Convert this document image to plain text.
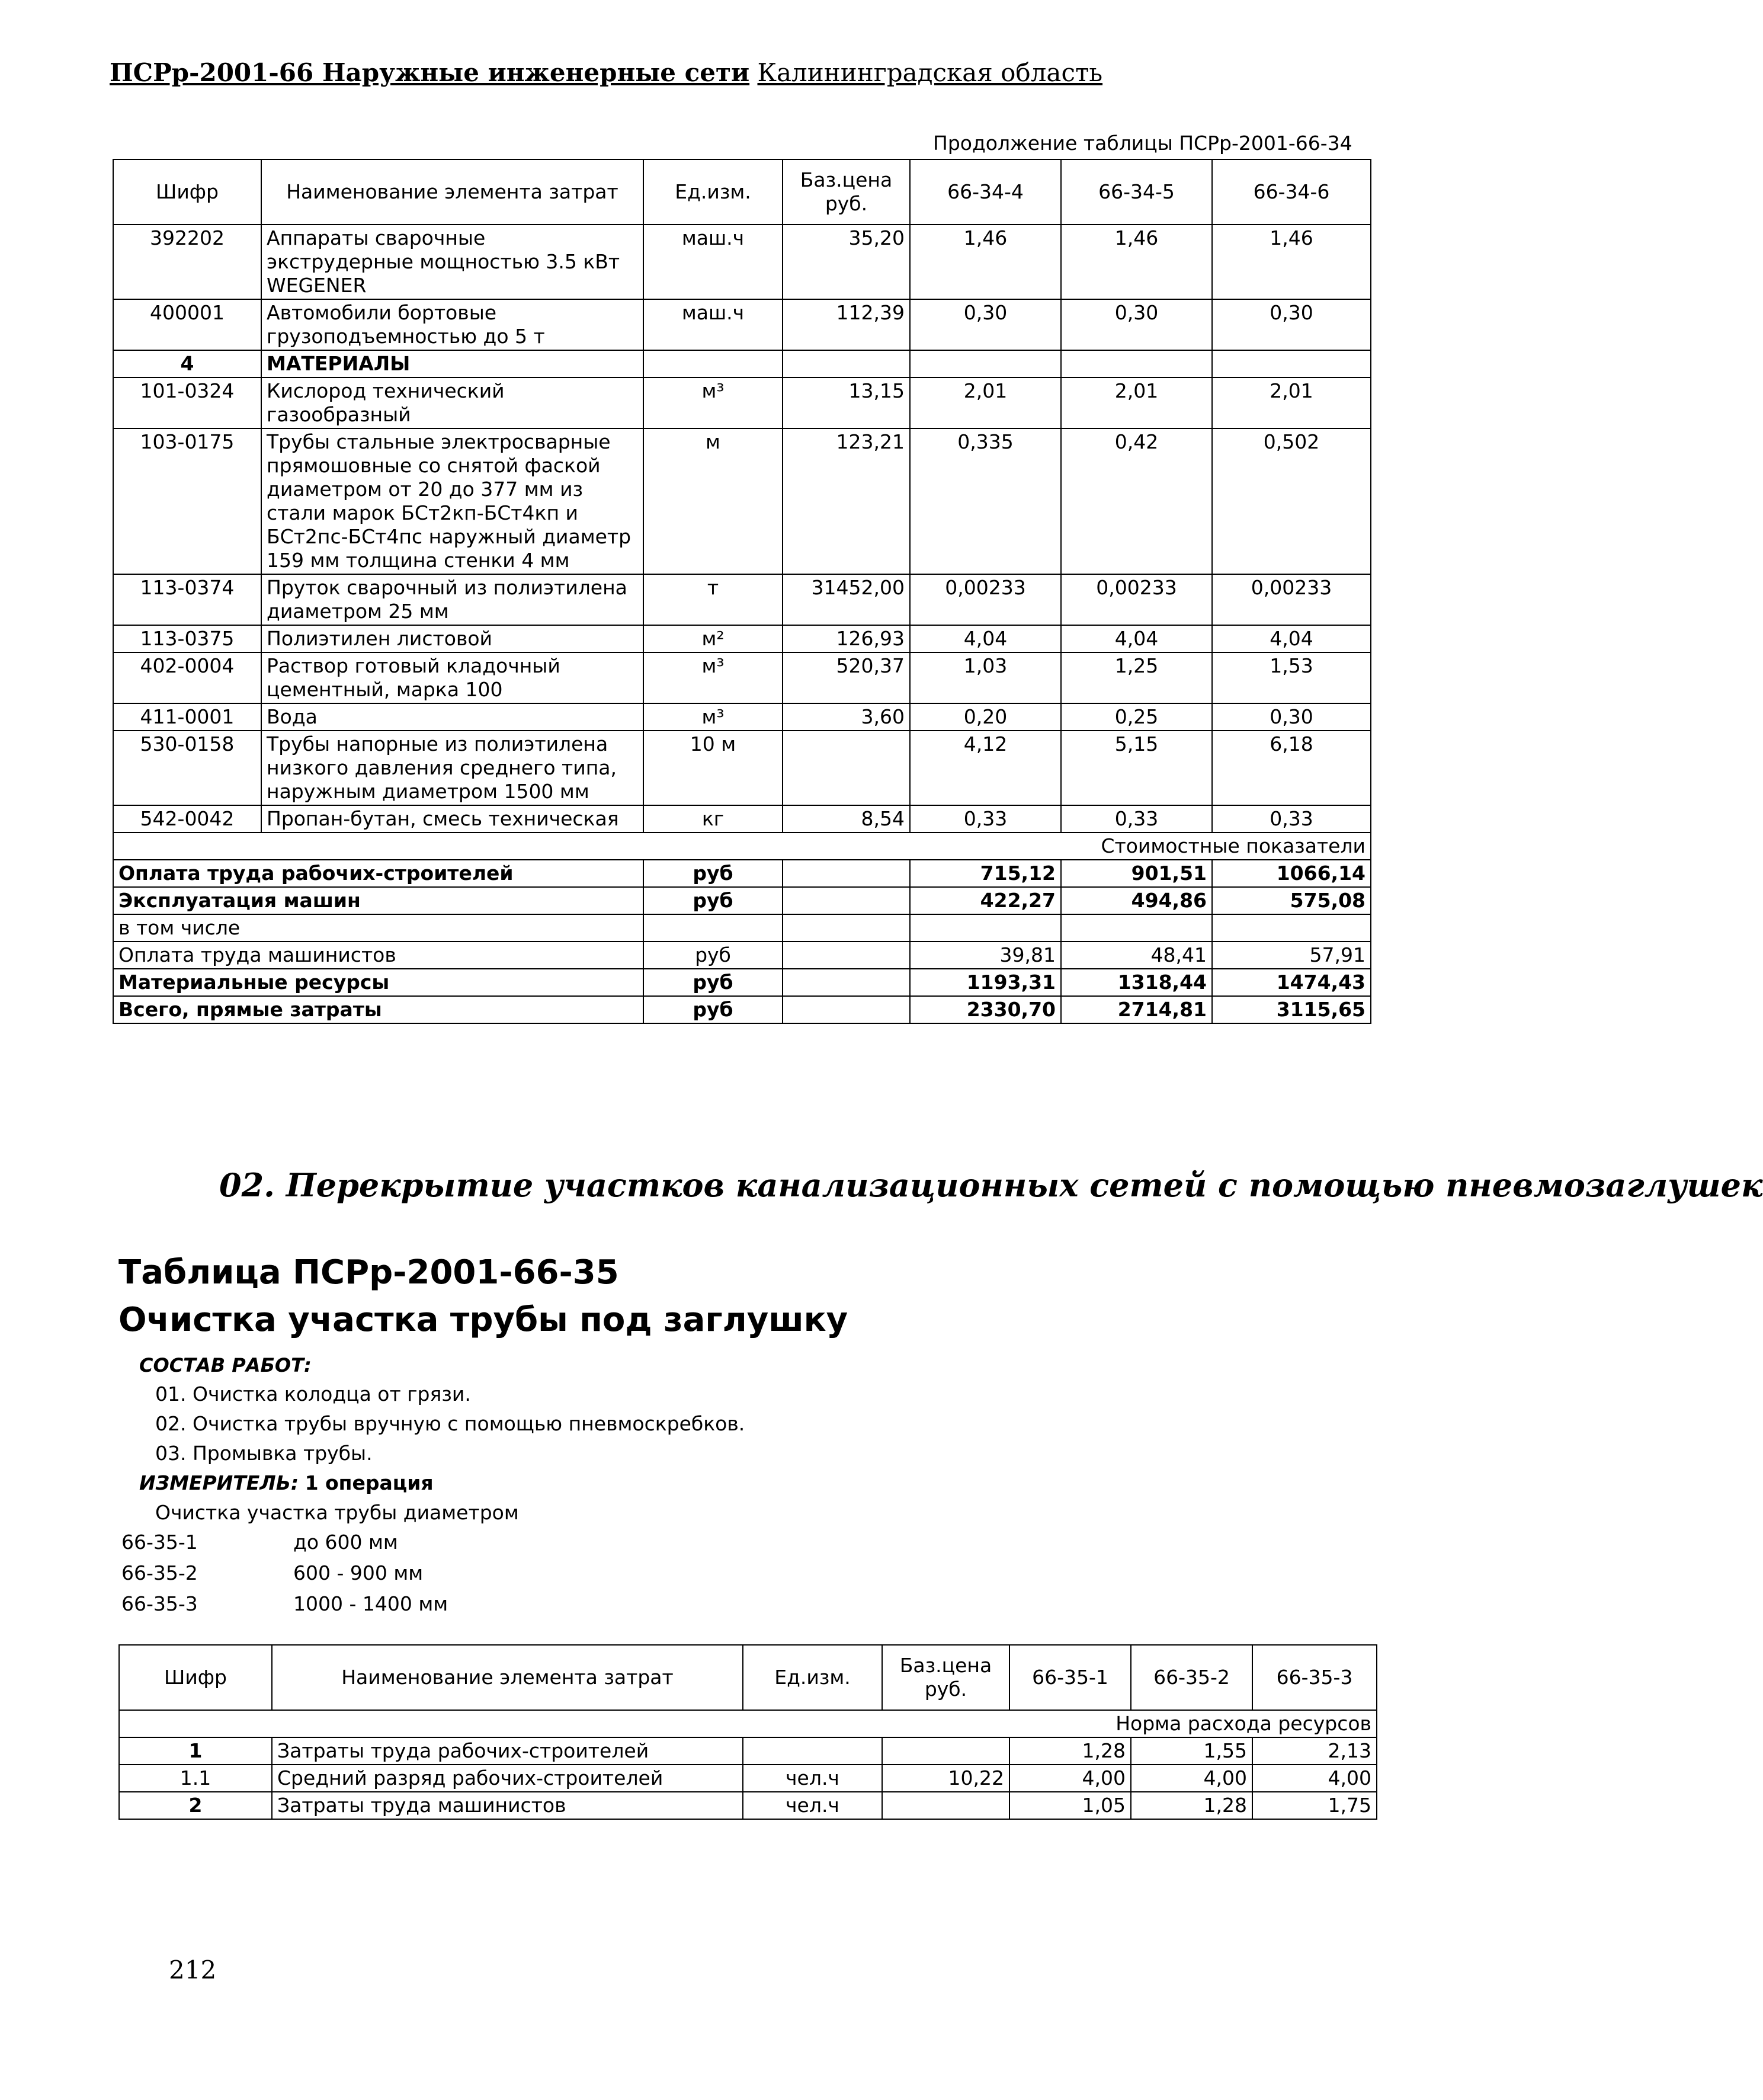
ПСРр-2001-66 Наружные инженерные сети Калининградская область
Продолжение таблицы ПСРр-2001-66-34
Шифр	Наименование элемента затрат	Ед.изм.	Баз.цена руб.	66-34-4	66-34-5	66-34-6
392202	Аппараты сварочные экструдерные мощностью 3.5 кВт WEGENER	маш.ч	35,20	1,46	1,46	1,46
400001	Автомобили бортовые грузоподъемностью до 5 т	маш.ч	112,39	0,30	0,30	0,30
4	МАТЕРИАЛЫ					
101-0324	Кислород технический газообразный	м³	13,15	2,01	2,01	2,01
103-0175	Трубы стальные электросварные прямошовные со снятой фаской диаметром от 20 до 377 мм из стали марок БСт2кп-БСт4кп и БСт2пс-БСт4пс наружный диаметр 159 мм толщина стенки 4 мм	м	123,21	0,335	0,42	0,502
113-0374	Пруток сварочный из полиэтилена диаметром 25 мм	т	31452,00	0,00233	0,00233	0,00233
113-0375	Полиэтилен листовой	м²	126,93	4,04	4,04	4,04
402-0004	Раствор готовый кладочный цементный, марка 100	м³	520,37	1,03	1,25	1,53
411-0001	Вода	м³	3,60	0,20	0,25	0,30
530-0158	Трубы напорные из полиэтилена низкого давления среднего типа, наружным диаметром 1500 мм	10 м		4,12	5,15	6,18
542-0042	Пропан-бутан, смесь техническая	кг	8,54	0,33	0,33	0,33
Стоимостные показатели						
Оплата труда рабочих-строителей		руб		715,12	901,51	1066,14
Эксплуатация машин		руб		422,27	494,86	575,08
в том числе						
Оплата труда машинистов		руб		39,81	48,41	57,91
Материальные ресурсы		руб		1193,31	1318,44	1474,43
Всего, прямые затраты		руб		2330,70	2714,81	3115,65
02. Перекрытие участков канализационных сетей с помощью пневмозаглушек
Таблица ПСРр-2001-66-35
Очистка участка трубы под заглушку
СОСТАВ РАБОТ:
01. Очистка колодца от грязи.
02. Очистка трубы вручную с помощью пневмоскребков.
03. Промывка трубы.
ИЗМЕРИТЕЛЬ: 1 операция
Очистка участка трубы диаметром
66-35-1	до 600 мм
66-35-2	600 - 900 мм
66-35-3	1000 - 1400 мм
Шифр	Наименование элемента затрат	Ед.изм.	Баз.цена руб.	66-35-1	66-35-2	66-35-3
Норма расхода ресурсов						
1	Затраты труда рабочих-строителей			1,28	1,55	2,13
1.1	Средний разряд рабочих-строителей	чел.ч	10,22	4,00	4,00	4,00
2	Затраты труда машинистов	чел.ч		1,05	1,28	1,75
212
